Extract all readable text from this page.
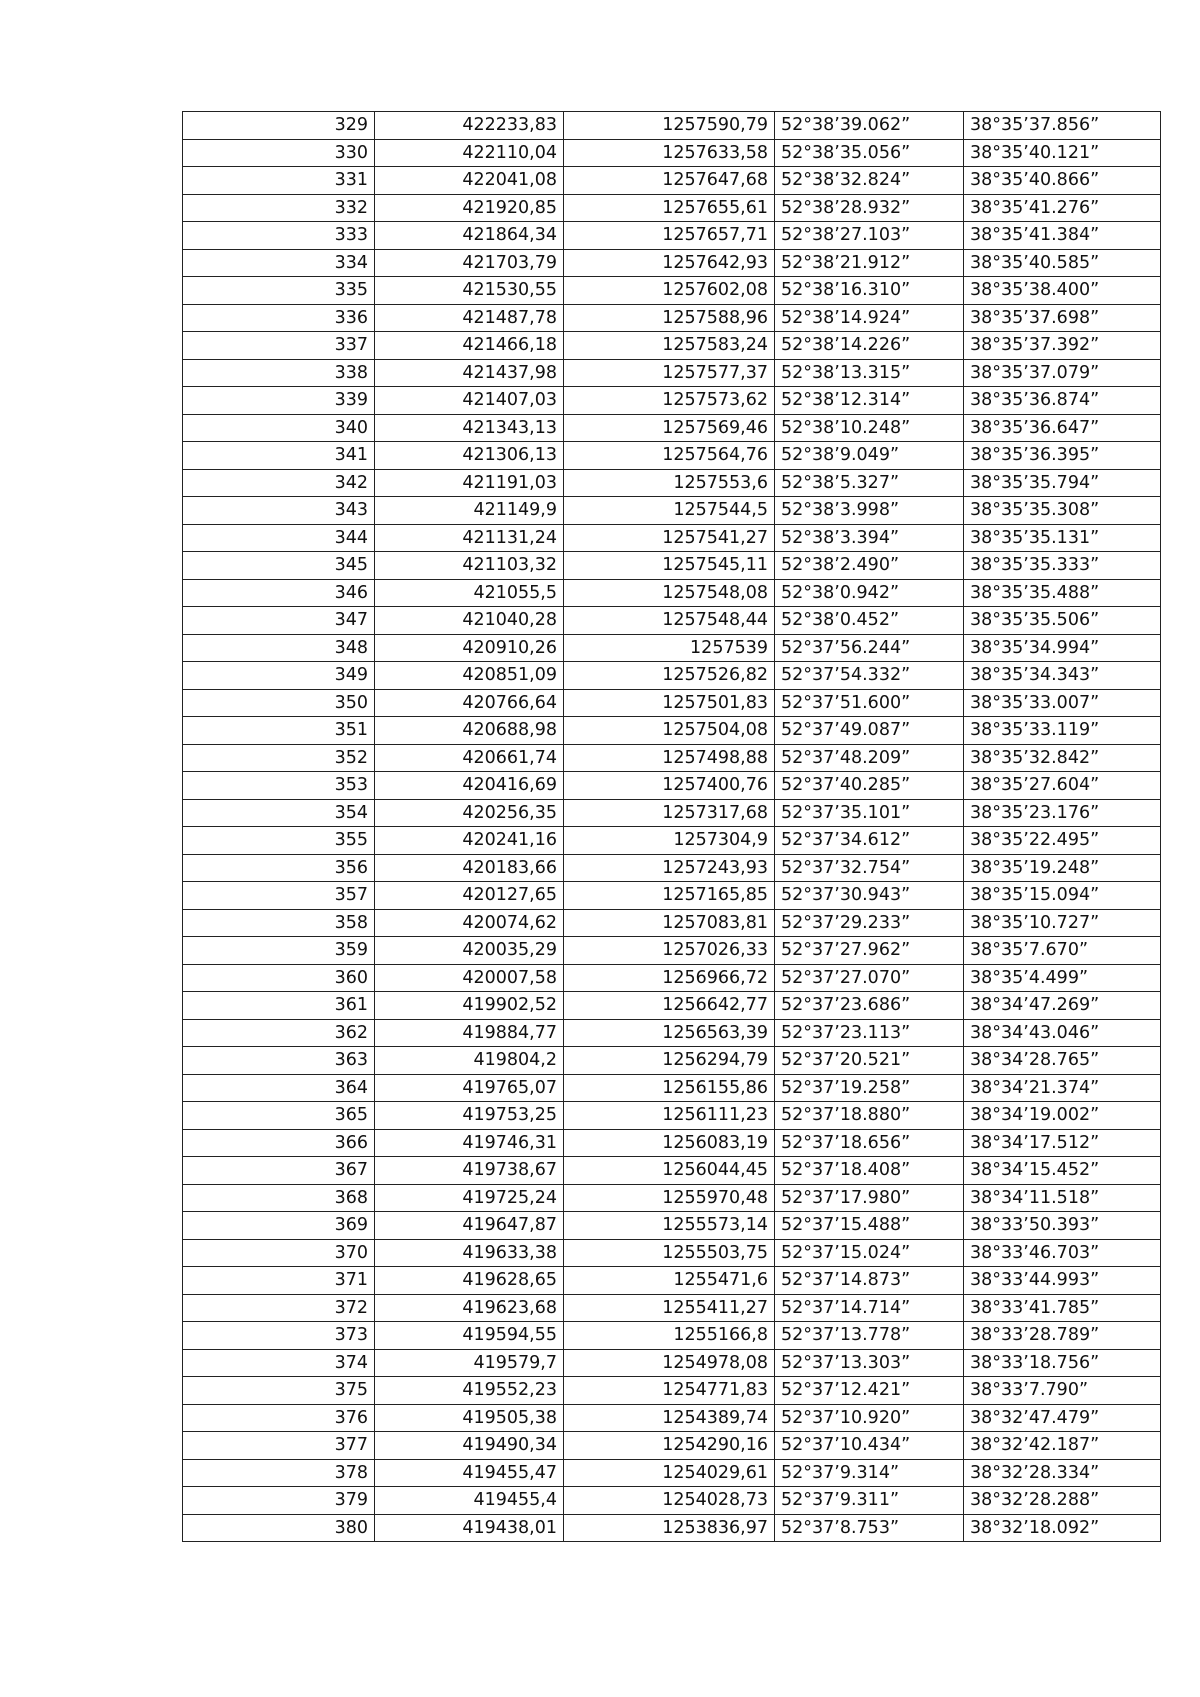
329	422233,83	1257590,79	52°38’39.062”	38°35’37.856”
330	422110,04	1257633,58	52°38’35.056”	38°35’40.121”
331	422041,08	1257647,68	52°38’32.824”	38°35’40.866”
332	421920,85	1257655,61	52°38’28.932”	38°35’41.276”
333	421864,34	1257657,71	52°38’27.103”	38°35’41.384”
334	421703,79	1257642,93	52°38’21.912”	38°35’40.585”
335	421530,55	1257602,08	52°38’16.310”	38°35’38.400”
336	421487,78	1257588,96	52°38’14.924”	38°35’37.698”
337	421466,18	1257583,24	52°38’14.226”	38°35’37.392”
338	421437,98	1257577,37	52°38’13.315”	38°35’37.079”
339	421407,03	1257573,62	52°38’12.314”	38°35’36.874”
340	421343,13	1257569,46	52°38’10.248”	38°35’36.647”
341	421306,13	1257564,76	52°38’9.049”	38°35’36.395”
342	421191,03	1257553,6	52°38’5.327”	38°35’35.794”
343	421149,9	1257544,5	52°38’3.998”	38°35’35.308”
344	421131,24	1257541,27	52°38’3.394”	38°35’35.131”
345	421103,32	1257545,11	52°38’2.490”	38°35’35.333”
346	421055,5	1257548,08	52°38’0.942”	38°35’35.488”
347	421040,28	1257548,44	52°38’0.452”	38°35’35.506”
348	420910,26	1257539	52°37’56.244”	38°35’34.994”
349	420851,09	1257526,82	52°37’54.332”	38°35’34.343”
350	420766,64	1257501,83	52°37’51.600”	38°35’33.007”
351	420688,98	1257504,08	52°37’49.087”	38°35’33.119”
352	420661,74	1257498,88	52°37’48.209”	38°35’32.842”
353	420416,69	1257400,76	52°37’40.285”	38°35’27.604”
354	420256,35	1257317,68	52°37’35.101”	38°35’23.176”
355	420241,16	1257304,9	52°37’34.612”	38°35’22.495”
356	420183,66	1257243,93	52°37’32.754”	38°35’19.248”
357	420127,65	1257165,85	52°37’30.943”	38°35’15.094”
358	420074,62	1257083,81	52°37’29.233”	38°35’10.727”
359	420035,29	1257026,33	52°37’27.962”	38°35’7.670”
360	420007,58	1256966,72	52°37’27.070”	38°35’4.499”
361	419902,52	1256642,77	52°37’23.686”	38°34’47.269”
362	419884,77	1256563,39	52°37’23.113”	38°34’43.046”
363	419804,2	1256294,79	52°37’20.521”	38°34’28.765”
364	419765,07	1256155,86	52°37’19.258”	38°34’21.374”
365	419753,25	1256111,23	52°37’18.880”	38°34’19.002”
366	419746,31	1256083,19	52°37’18.656”	38°34’17.512”
367	419738,67	1256044,45	52°37’18.408”	38°34’15.452”
368	419725,24	1255970,48	52°37’17.980”	38°34’11.518”
369	419647,87	1255573,14	52°37’15.488”	38°33’50.393”
370	419633,38	1255503,75	52°37’15.024”	38°33’46.703”
371	419628,65	1255471,6	52°37’14.873”	38°33’44.993”
372	419623,68	1255411,27	52°37’14.714”	38°33’41.785”
373	419594,55	1255166,8	52°37’13.778”	38°33’28.789”
374	419579,7	1254978,08	52°37’13.303”	38°33’18.756”
375	419552,23	1254771,83	52°37’12.421”	38°33’7.790”
376	419505,38	1254389,74	52°37’10.920”	38°32’47.479”
377	419490,34	1254290,16	52°37’10.434”	38°32’42.187”
378	419455,47	1254029,61	52°37’9.314”	38°32’28.334”
379	419455,4	1254028,73	52°37’9.311”	38°32’28.288”
380	419438,01	1253836,97	52°37’8.753”	38°32’18.092”
